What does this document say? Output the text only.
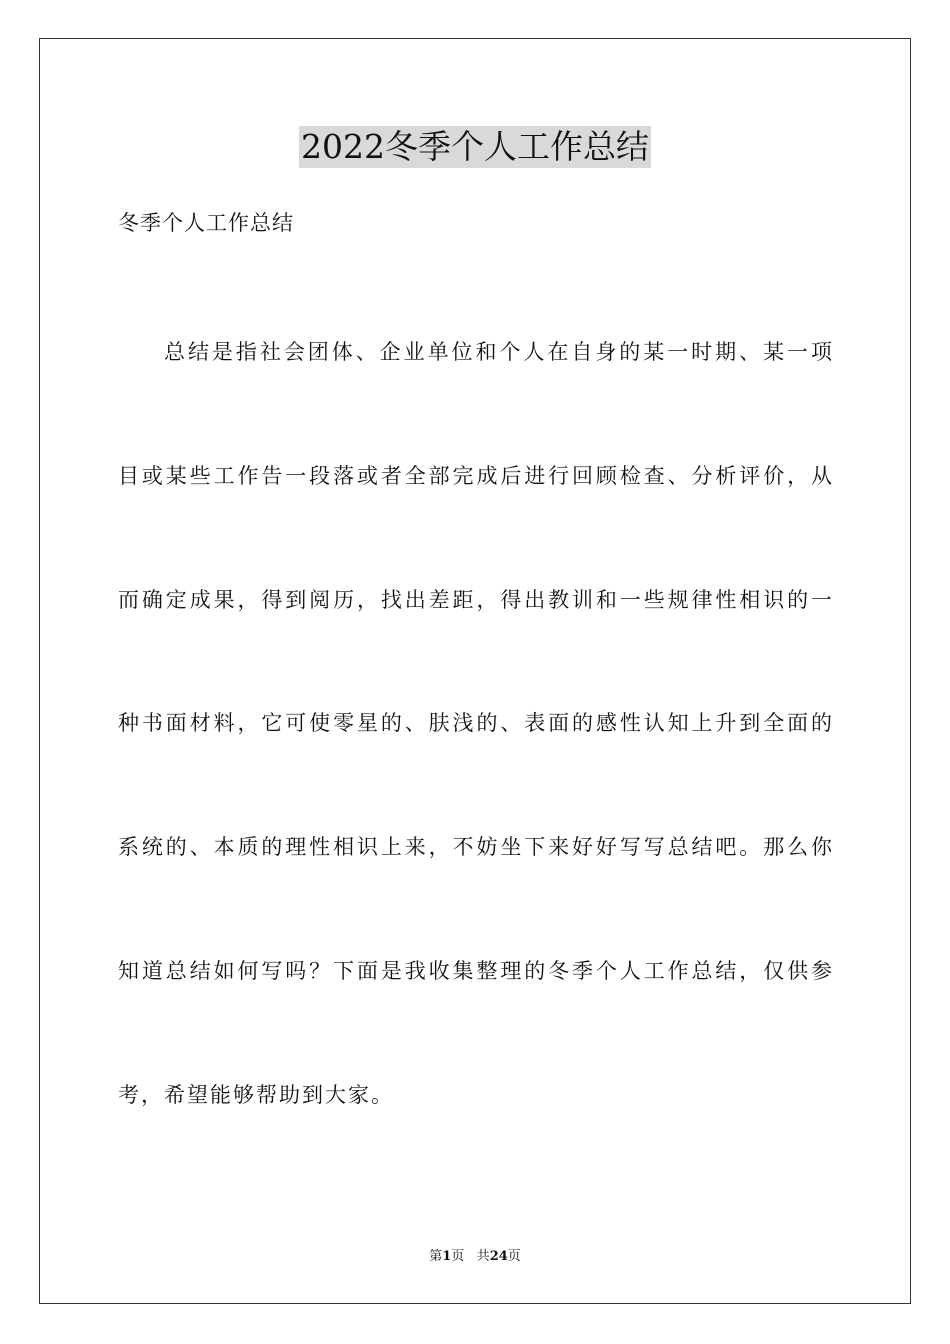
2022冬季个人工作总结

冬季个人工作总结

总结是指社会团体、企业单位和个人在自身的某一时期、某一项

目或某些工作告一段落或者全部完成后进行回顾检查、分析评价，从

而确定成果，得到阅历，找出差距，得出教训和一些规律性相识的一

种书面材料，它可使零星的、肤浅的、表面的感性认知上升到全面的

系统的、本质的理性相识上来，不妨坐下来好好写写总结吧。那么你

知道总结如何写吗？下面是我收集整理的冬季个人工作总结，仅供参

考，希望能够帮助到大家。

第1页 共24页
